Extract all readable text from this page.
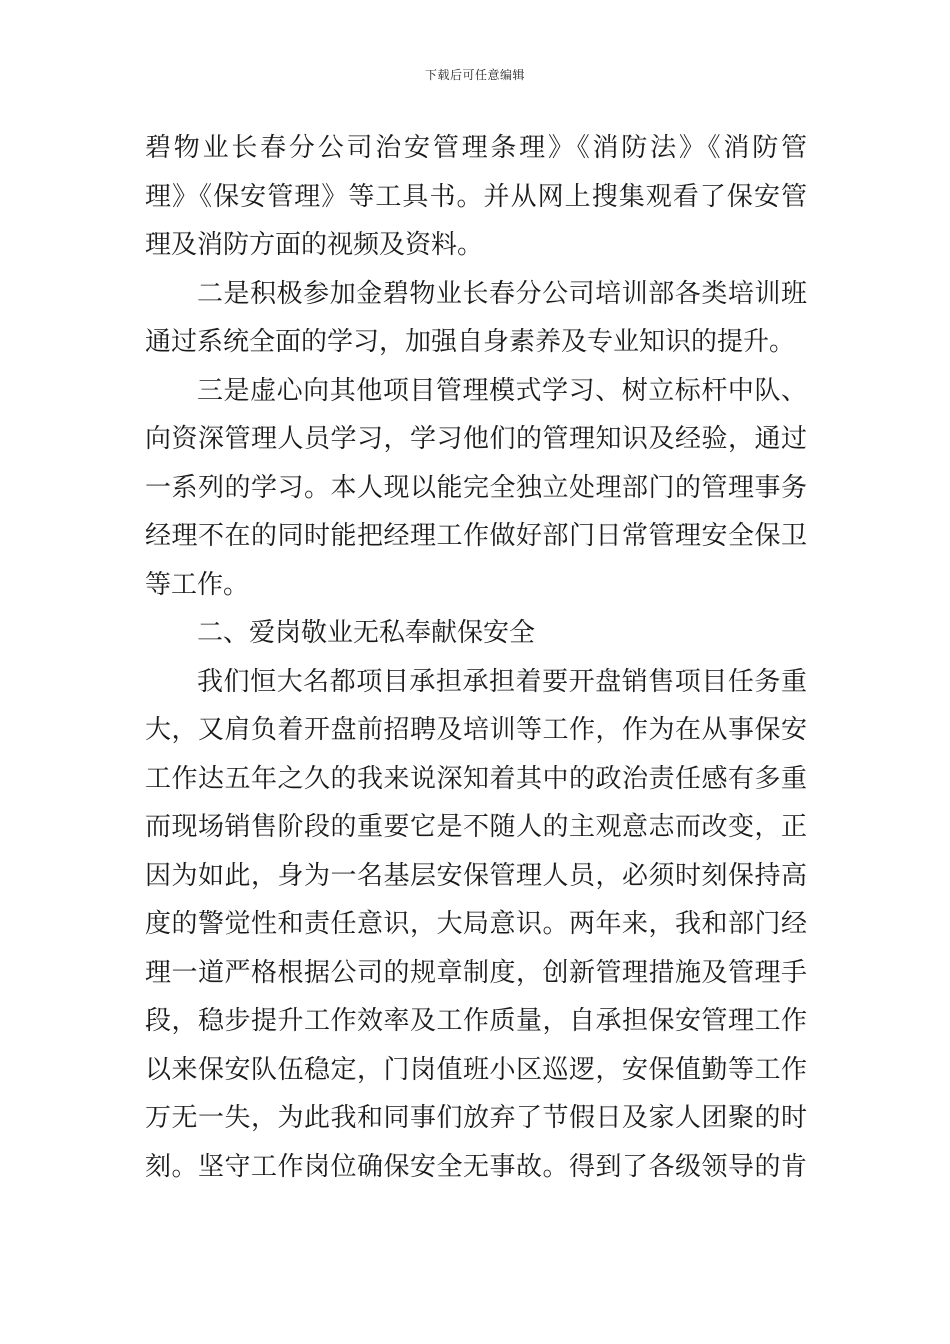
下载后可任意编辑
碧物业长春分公司治安管理条理》《消防法》《消防管
理》《保安管理》等工具书。并从网上搜集观看了保安管
理及消防方面的视频及资料。
二是积极参加金碧物业长春分公司培训部各类培训班
通过系统全面的学习，加强自身素养及专业知识的提升。
三是虚心向其他项目管理模式学习、树立标杆中队、
向资深管理人员学习，学习他们的管理知识及经验，通过
一系列的学习。本人现以能完全独立处理部门的管理事务
经理不在的同时能把经理工作做好部门日常管理安全保卫
等工作。
二、爱岗敬业无私奉献保安全
我们恒大名都项目承担承担着要开盘销售项目任务重
大，又肩负着开盘前招聘及培训等工作，作为在从事保安
工作达五年之久的我来说深知着其中的政治责任感有多重
而现场销售阶段的重要它是不随人的主观意志而改变，正
因为如此，身为一名基层安保管理人员，必须时刻保持高
度的警觉性和责任意识，大局意识。两年来，我和部门经
理一道严格根据公司的规章制度，创新管理措施及管理手
段，稳步提升工作效率及工作质量，自承担保安管理工作
以来保安队伍稳定，门岗值班小区巡逻，安保值勤等工作
万无一失，为此我和同事们放弃了节假日及家人团聚的时
刻。坚守工作岗位确保安全无事故。得到了各级领导的肯
